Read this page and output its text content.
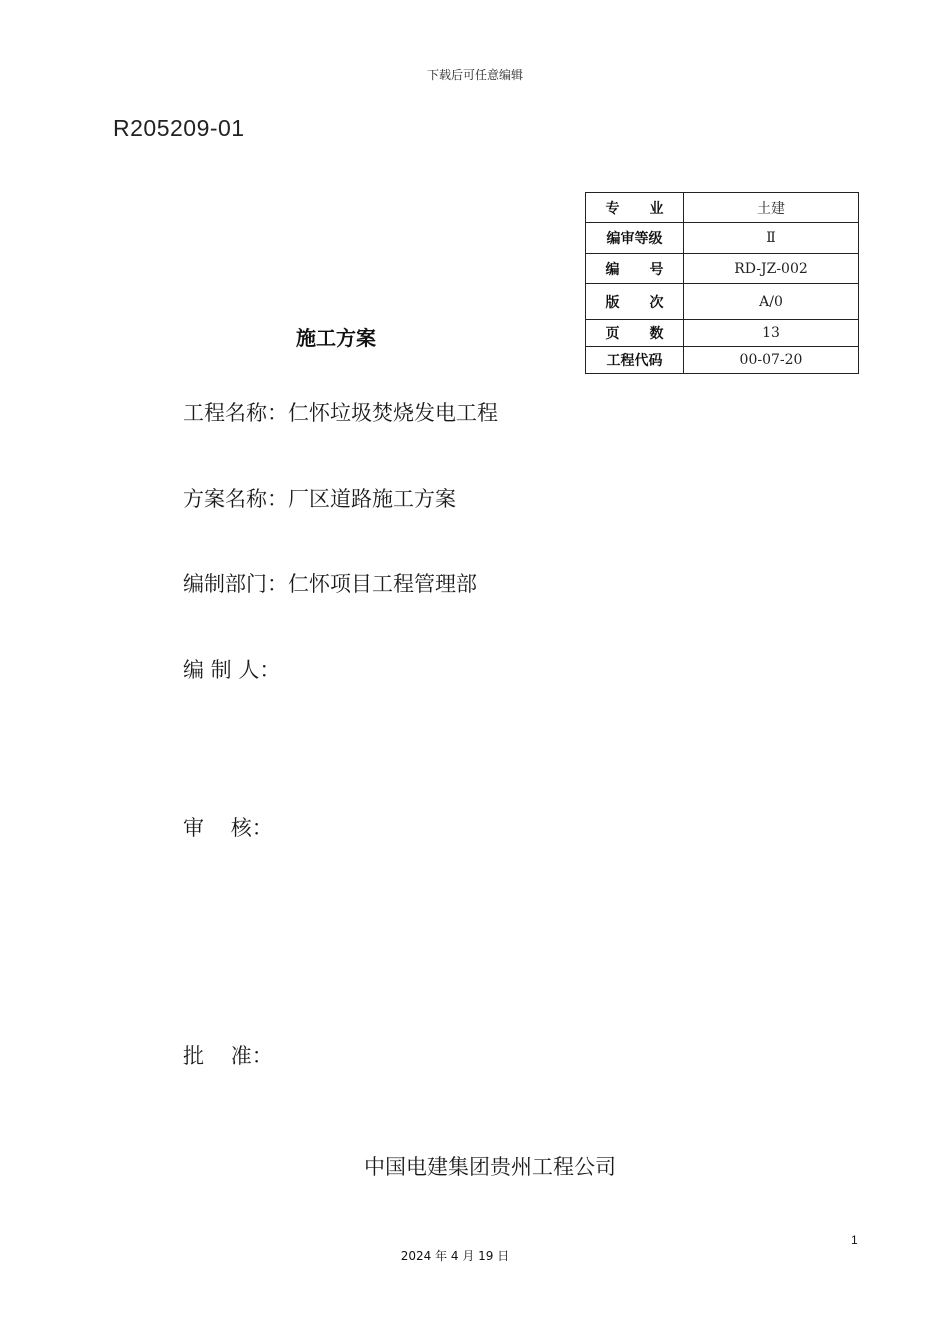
下载后可任意编辑
R205209-01
专 业	土建
编审等级	Ⅱ
编 号	RD-JZ-002
版 次	A/0
页 数	13
工程代码	00-07-20
施工方案
工程名称：仁怀垃圾焚烧发电工程
方案名称：厂区道路施工方案
编制部门：仁怀项目工程管理部
编 制 人：
审    核：
批    准：
中国电建集团贵州工程公司
1
2024 年 4 月 19 日
